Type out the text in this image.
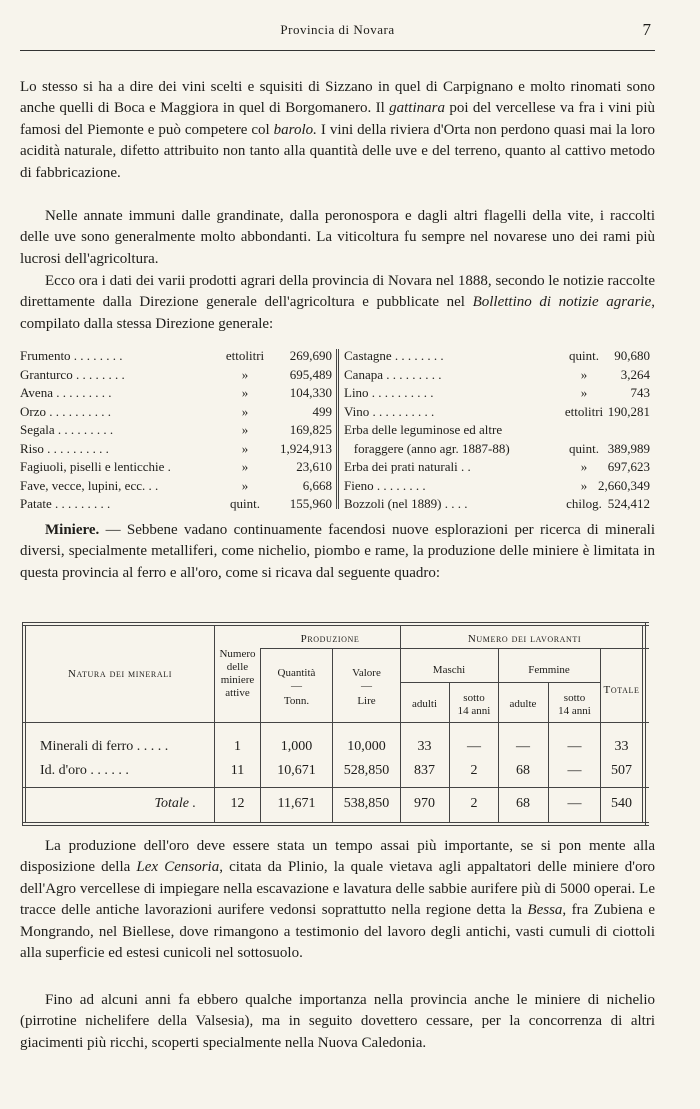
Provincia di Novara	7

Lo stesso si ha a dire dei vini scelti e squisiti di Sizzano in quel di Carpignano e molto rinomati sono anche quelli di Boca e Maggiora in quel di Borgomanero. Il gattinara poi del vercellese va fra i vini più famosi del Piemonte e può competere col barolo. I vini della riviera d'Orta non perdono quasi mai la loro acidità naturale, difetto attribuito non tanto alla quantità delle uve e del terreno, quanto al cattivo metodo di fabbricazione.

Nelle annate immuni dalle grandinate, dalla peronospora e dagli altri flagelli della vite, i raccolti delle uve sono generalmente molto abbondanti. La viticoltura fu sempre nel novarese uno dei rami più lucrosi dell'agricoltura.

Ecco ora i dati dei varii prodotti agrari della provincia di Novara nel 1888, secondo le notizie raccolte direttamente dalla Direzione generale dell'agricoltura e pubblicate nel Bollettino di notizie agrarie, compilato dalla stessa Direzione generale:

Frumento . . . . . . . .	ettolitri	269,690
Granturco . . . . . . . .	»	695,489
Avena . . . . . . . . .	»	104,330
Orzo . . . . . . . . . .	»	499
Segala . . . . . . . . .	»	169,825
Riso . . . . . . . . . .	»	1,924,913
Fagiuoli, piselli e lenticchie .	»	23,610
Fave, vecce, lupini, ecc. . .	»	6,668
Patate . . . . . . . . .	quint.	155,960
Castagne . . . . . . . .	quint.	90,680
Canapa . . . . . . . . .	»	3,264
Lino . . . . . . . . . .	»	743
Vino . . . . . . . . . .	ettolitri 190,281
Erba delle leguminose ed altre
foraggere (anno agr. 1887-88)	quint. 389,989
Erba dei prati naturali . .	»	697,623
Fieno . . . . . . . .	» 2,660,349
Bozzoli (nel 1889) . . . .	chilog. 524,412

Miniere. — Sebbene vadano continuamente facendosi nuove esplorazioni per ricerca di minerali diversi, specialmente metalliferi, come nichelio, piombo e rame, la produzione delle miniere è limitata in questa provincia al ferro e all'oro, come si ricava dal seguente quadro:

Natura dei minerali
Numero
delle
miniere
attive
Produzione
Quantità
—
Tonn.
Valore
—
Lire
Numero dei lavoranti
Maschi	Femmine
adulti	sotto
14 anni
adulte	sotto
14 anni
Totale
Minerali di ferro . . . . .	1	1,000	10,000	33	—	—	—	33
Id. d'oro . . . . . .	11	10,671	528,850	837	2	68	—	507
Totale .	12	11,671	538,850	970	2	68	—	540

La produzione dell'oro deve essere stata un tempo assai più importante, se si pon mente alla disposizione della Lex Censoria, citata da Plinio, la quale vietava agli appaltatori delle miniere d'oro dell'Agro vercellese di impiegare nella escavazione e lavatura delle sabbie aurifere più di 5000 operai. Le tracce delle antiche lavorazioni aurifere vedonsi soprattutto nella regione detta la Bessa, fra Zubiena e Mongrando, nel Biellese, dove rimangono a testimonio del lavoro degli antichi, vasti cumuli di ciottoli alla superficie ed estesi cunicoli nel sottosuolo.

Fino ad alcuni anni fa ebbero qualche importanza nella provincia anche le miniere di nichelio (pirrotine nichelifere della Valsesia), ma in seguito dovettero cessare, per la concorrenza di altri giacimenti più ricchi, scoperti specialmente nella Nuova Caledonia.
